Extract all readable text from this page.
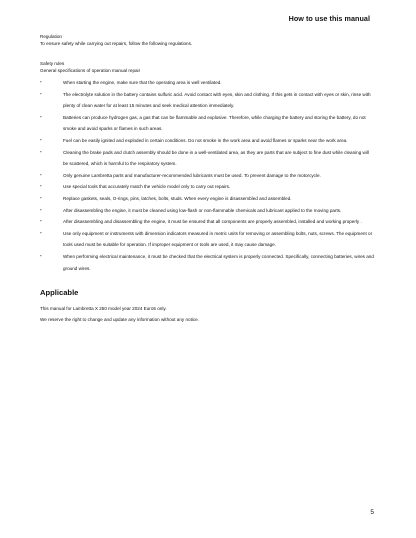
How to use this manual

Regulation

To ensure safety while carrying out repairs, follow the following regulations.

Safety rules

General specifications of operation manual repair

-	When starting the engine, make sure that the operating area is well ventilated.
-	The electrolyte solution in the battery contains sulfuric acid. Avoid contact with eyes, skin and clothing. If this gets in contact with eyes or skin, rinse with plenty of clean water for at least 15 minutes and seek medical attention immediately.
-	Batteries can produce hydrogen gas, a gas that can be flammable and explosive. Therefore, while charging the battery and storing the battery, do not smoke and avoid sparks or flames in such areas.
-	Fuel can be easily ignited and exploded in certain conditions. Do not smoke in the work area and avoid flames or sparks near the work area.
-	Cleaning the brake pads and clutch assembly should be done in a well-ventilated area, as they are parts that are subject to fine dust while cleaning will be scattered, which is harmful to the respiratory system.
-	Only genuine Lambretta parts and manufacturer-recommended lubricants must be used. To prevent damage to the motorcycle.
-	Use special tools that accurately match the vehicle model only to carry out repairs.
-	Replace gaskets, seals, O-rings, pins, latches, bolts, studs. When every engine is disassembled and assembled.
-	After disassembling the engine, it must be cleaned using low-flash or non-flammable chemicals and lubricant applied to the moving parts.
-	After disassembling and disassembling the engine, it must be ensured that all components are properly assembled, installed and working properly .
-	Use only equipment or instruments with dimension indicators measured in metric units for removing or assembling bolts, nuts, screws. The equipment or tools used must be suitable for operation. If improper equipment or tools are used, it may cause damage.
-	When performing electrical maintenance, it must be checked that the electrical system is properly connected. Specifically, connecting batteries, wires and ground wires.
Applicable

This manual for Lambretta X 250 model year 2024 Euro5 only.

We reserve the right to change and update any information without any notice.

5
